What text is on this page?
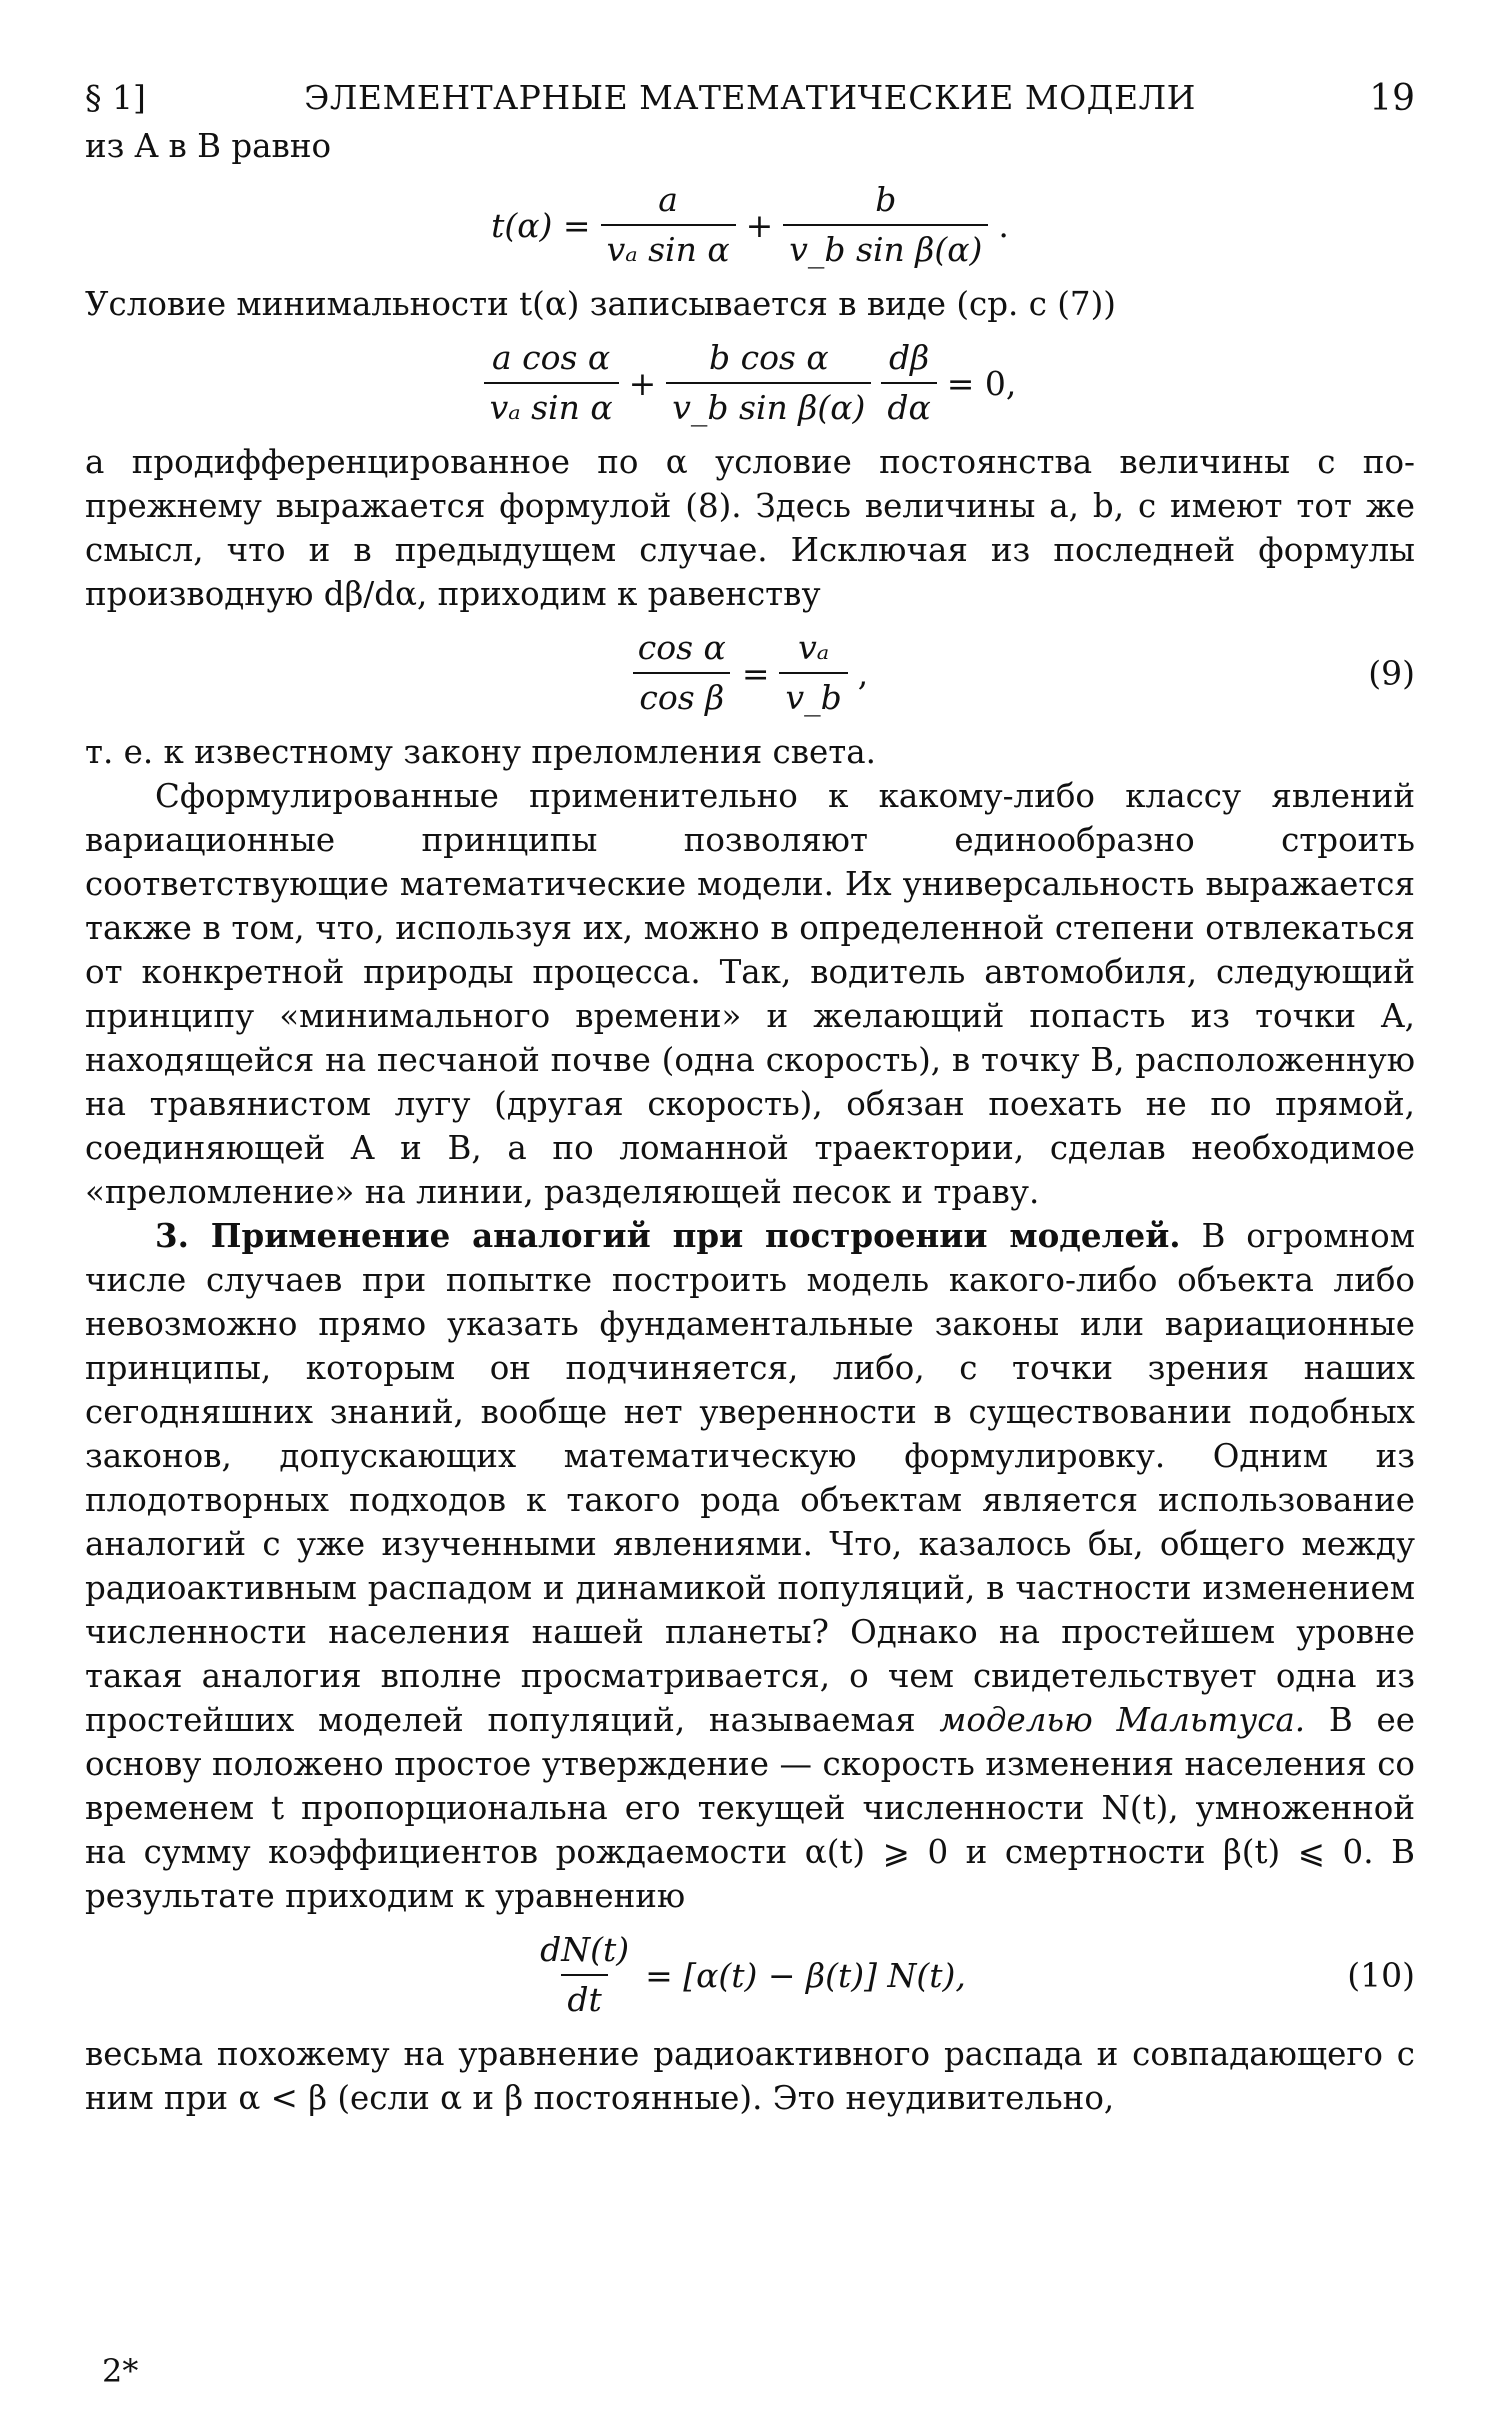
§ 1]	ЭЛЕМЕНТАРНЫЕ МАТЕМАТИЧЕСКИЕ МОДЕЛИ	19

из A в B равно

$t(\alpha) = \frac{a}{\text{vₐ sin α}} + \frac{b}{\text{v\_b sin β(α)}}$ .

Условие минимальности t(α) записывается в виде (ср. с (7))

$\frac{\text{a cos α}}{\text{vₐ sin α}} + \frac{\text{b cos α}}{\text{v\_b sin β(α)}} \frac{d\beta}{d\alpha} = 0$,

а продифференцированное по α условие постоянства величины c по-прежнему выражается формулой (8). Здесь величины a, b, c имеют тот же смысл, что и в предыдущем случае. Исключая из последней формулы производную dβ/dα, приходим к равенству

$\frac{\text{cos α}}{\text{cos β}} = \frac{\text{vₐ}}{v\_b}$ ,	(9)

т. е. к известному закону преломления света.

Сформулированные применительно к какому-либо классу явлений вариационные принципы позволяют единообразно строить соответствующие математические модели. Их универсальность выражается также в том, что, используя их, можно в определенной степени отвлекаться от конкретной природы процесса. Так, водитель автомобиля, следующий принципу «минимального времени» и желающий попасть из точки A, находящейся на песчаной почве (одна скорость), в точку B, расположенную на травянистом лугу (другая скорость), обязан поехать не по прямой, соединяющей A и B, а по ломанной траектории, сделав необходимое «преломление» на линии, разделяющей песок и траву.

3. Применение аналогий при построении моделей. В огромном числе случаев при попытке построить модель какого-либо объекта либо невозможно прямо указать фундаментальные законы или вариационные принципы, которым он подчиняется, либо, с точки зрения наших сегодняшних знаний, вообще нет уверенности в существовании подобных законов, допускающих математическую формулировку. Одним из плодотворных подходов к такого рода объектам является использование аналогий с уже изученными явлениями. Что, казалось бы, общего между радиоактивным распадом и динамикой популяций, в частности изменением численности населения нашей планеты? Однако на простейшем уровне такая аналогия вполне просматривается, о чем свидетельствует одна из простейших моделей популяций, называемая моделью Мальтуса. В ее основу положено простое утверждение — скорость изменения населения со временем t пропорциональна его текущей численности N(t), умноженной на сумму коэффициентов рождаемости α(t) ⩾ 0 и смертности β(t) ⩽ 0. В результате приходим к уравнению

$\frac{dN(t)}{dt} = [\alpha(t) - \beta(t)]$ N(t),	(10)

весьма похожему на уравнение радиоактивного распада и совпадающего с ним при α < β (если α и β постоянные). Это неудивительно,

2*
